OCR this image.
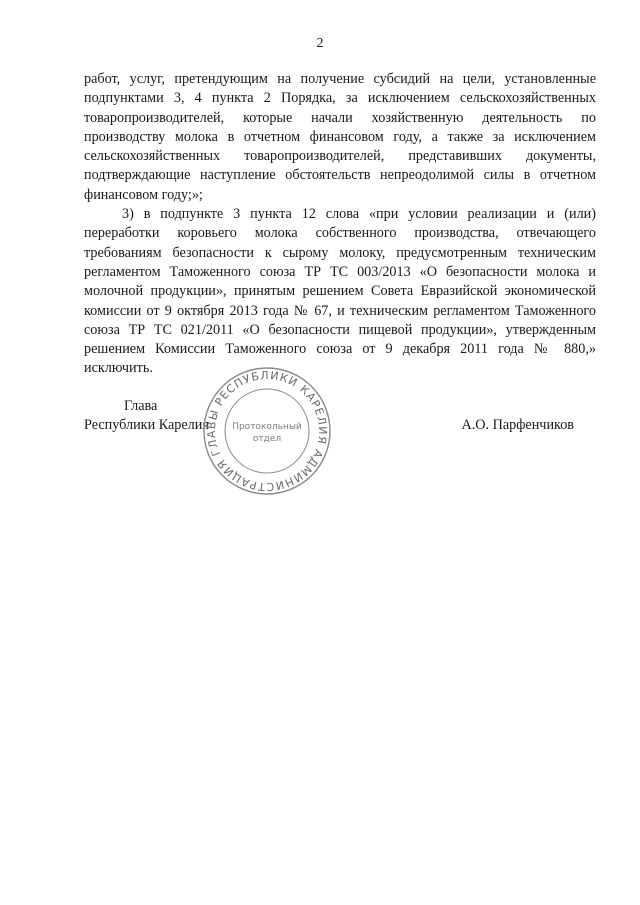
2

работ, услуг, претендующим на получение субсидий на цели, установленные подпунктами 3, 4 пункта 2 Порядка, за исключением сельскохозяйственных товаропроизводителей, которые начали хозяйственную деятельность по производству молока в отчетном финансовом году, а также за исключением сельскохозяйственных товаропроизводителей, представивших документы, подтверждающие наступление обстоятельств непреодолимой силы в отчетном финансовом году;»;

3) в подпункте 3 пункта 12 слова «при условии реализации и (или) переработки коровьего молока собственного производства, отвечающего требованиям безопасности к сырому молоку, предусмотренным техническим регламентом Таможенного союза ТР ТС 003/2013 «О безопасности молока и молочной продукции», принятым решением Совета Евразийской экономической комиссии от 9 октября 2013 года № 67, и техническим регламентом Таможенного союза ТР ТС 021/2011 «О безопасности пищевой продукции», утвержденным решением Комиссии Таможенного союза от 9 декабря 2011 года № 880,» исключить.

Глава
Республики Карелия	А.О. Парфенчиков
АДМИНИСТРАЦИЯ ГЛАВЫ РЕСПУБЛИКИ КАРЕЛИЯ
Протокольный
отдел
